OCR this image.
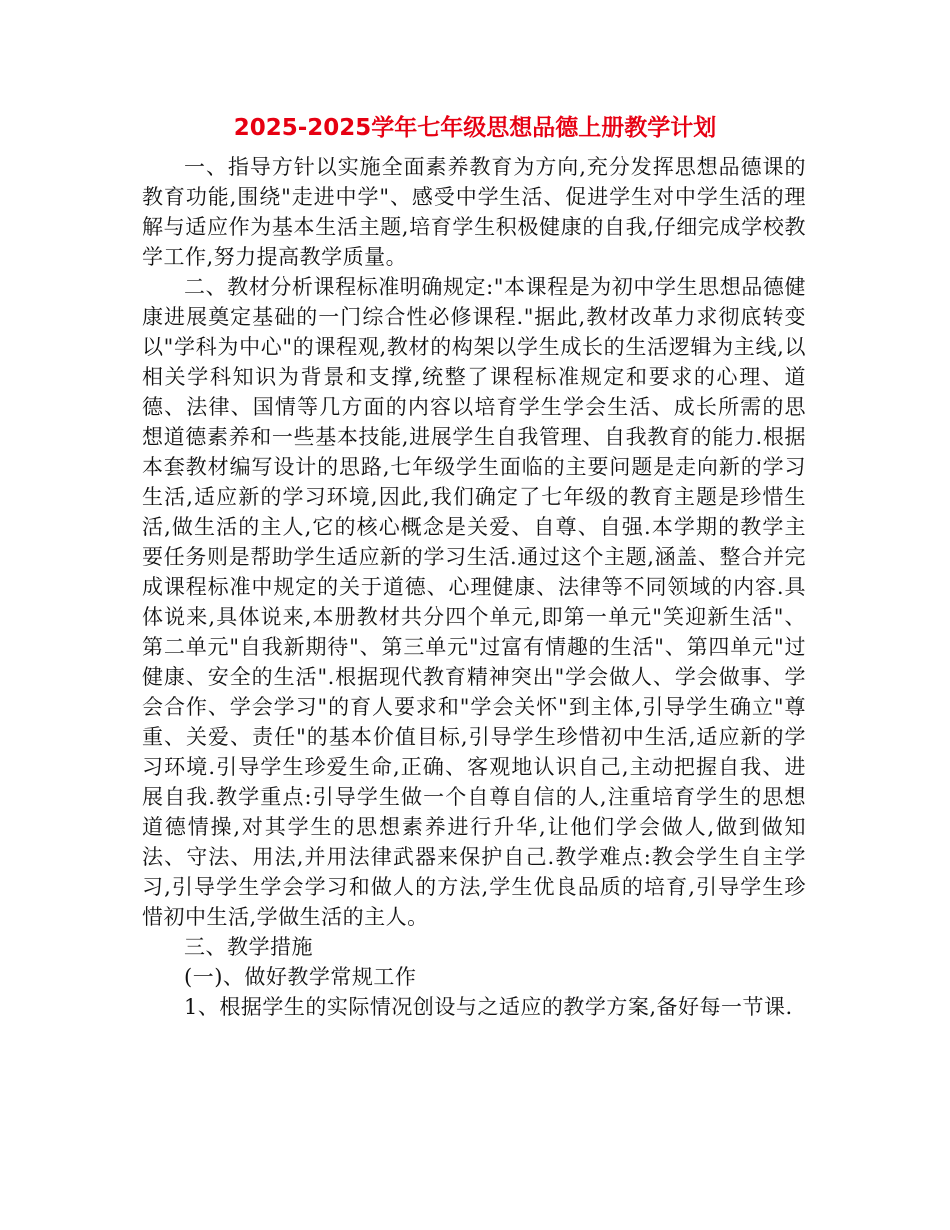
2025-2025学年七年级思想品德上册教学计划

一、指导方针以实施全面素养教育为方向,充分发挥思想品德课的教育功能,围绕"走进中学"、感受中学生活、促进学生对中学生活的理解与适应作为基本生活主题,培育学生积极健康的自我,仔细完成学校教学工作,努力提高教学质量。

二、教材分析课程标准明确规定:"本课程是为初中学生思想品德健康进展奠定基础的一门综合性必修课程."据此,教材改革力求彻底转变以"学科为中心"的课程观,教材的构架以学生成长的生活逻辑为主线,以相关学科知识为背景和支撑,统整了课程标准规定和要求的心理、道德、法律、国情等几方面的内容以培育学生学会生活、成长所需的思想道德素养和一些基本技能,进展学生自我管理、自我教育的能力.根据本套教材编写设计的思路,七年级学生面临的主要问题是走向新的学习生活,适应新的学习环境,因此,我们确定了七年级的教育主题是珍惜生活,做生活的主人,它的核心概念是关爱、自尊、自强.本学期的教学主要任务则是帮助学生适应新的学习生活.通过这个主题,涵盖、整合并完成课程标准中规定的关于道德、心理健康、法律等不同领域的内容.具体说来,具体说来,本册教材共分四个单元,即第一单元"笑迎新生活"、第二单元"自我新期待"、第三单元"过富有情趣的生活"、第四单元"过健康、安全的生活".根据现代教育精神突出"学会做人、学会做事、学会合作、学会学习"的育人要求和"学会关怀"到主体,引导学生确立"尊重、关爱、责任"的基本价值目标,引导学生珍惜初中生活,适应新的学习环境.引导学生珍爱生命,正确、客观地认识自己,主动把握自我、进展自我.教学重点:引导学生做一个自尊自信的人,注重培育学生的思想道德情操,对其学生的思想素养进行升华,让他们学会做人,做到做知法、守法、用法,并用法律武器来保护自己.教学难点:教会学生自主学习,引导学生学会学习和做人的方法,学生优良品质的培育,引导学生珍惜初中生活,学做生活的主人。

三、教学措施

(一)、做好教学常规工作

1、根据学生的实际情况创设与之适应的教学方案,备好每一节课.
